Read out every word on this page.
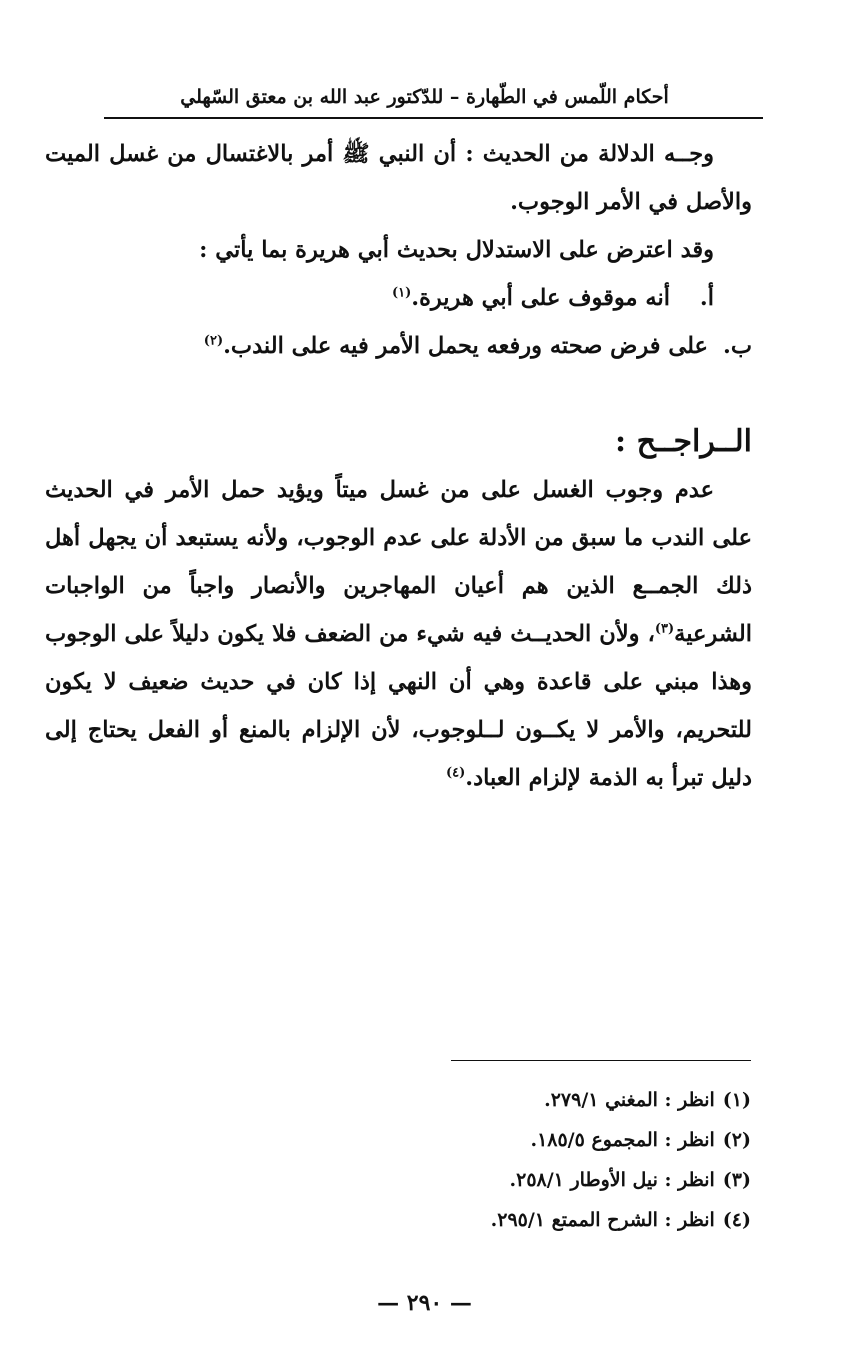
أحكام اللّمس في الطّهارة – للدّكتور عبد الله بن معتق السّهلي

وجــه الدلالة من الحديث : أن النبي ﷺ أمر بالاغتسال من غسل الميت والأصل في الأمر الوجوب.

وقد اعترض على الاستدلال بحديث أبي هريرة بما يأتي :

أ.أنه موقوف على أبي هريرة.$^{(١)}$

ب.على فرض صحته ورفعه يحمل الأمر فيه على الندب.$^{(٢)}$

الــراجــح :

عدم وجوب الغسل على من غسل ميتاً ويؤيد حمل الأمر في الحديث على الندب ما سبق من الأدلة على عدم الوجوب، ولأنه يستبعد أن يجهل أهل ذلك الجمــع الذين هم أعيان المهاجرين والأنصار واجباً من الواجبات الشرعية$^{(٣)}$، ولأن الحديــث فيه شيء من الضعف فلا يكون دليلاً على الوجوب وهذا مبني على قاعدة وهي أن النهي إذا كان في حديث ضعيف لا يكون للتحريم، والأمر لا يكــون لــلوجوب، لأن الإلزام بالمنع أو الفعل يحتاج إلى دليل تبرأ به الذمة لإلزام العباد.$^{(٤)}$

(١)انظر : المغني ٢٧٩/١.

(٢)انظر : المجموع ١٨٥/٥.

(٣)انظر : نيل الأوطار ٢٥٨/١.

(٤)انظر : الشرح الممتع ٢٩٥/١.

— ٢٩٠ —
